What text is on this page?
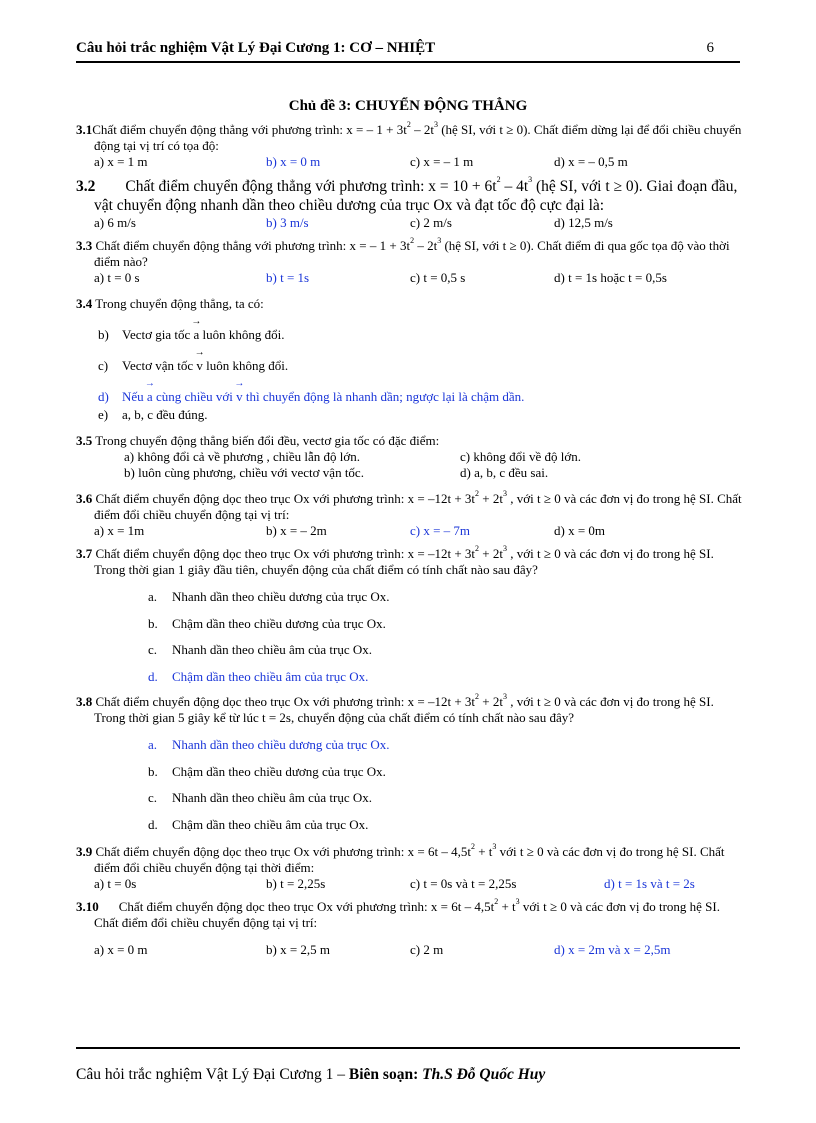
Câu hỏi trắc nghiệm Vật Lý Đại Cương 1: CƠ – NHIỆT	6
Chủ đề 3: CHUYỂN ĐỘNG THẲNG
3.1Chất điểm chuyển động thẳng với phương trình: x = – $1 + 3t^2 - 2t^3$ (hệ SI, với t ≥ 0). Chất điểm dừng lại để đổi chiều chuyển động tại vị trí có tọa độ:
a) x = 1 m	b) x = 0 m	c) x = – 1 m	d) x = – 0,5 m
3.2 Chất điểm chuyển động thẳng với phương trình: $x = 10 + 6t^2 - 4t^3$ (hệ SI, với t ≥ 0). Giai đoạn đầu, vật chuyển động nhanh dần theo chiều dương của trục Ox và đạt tốc độ cực đại là:
a) 6 m/s	b) 3 m/s	c) 2 m/s	d) 12,5 m/s
3.3 Chất điểm chuyển động thẳng với phương trình: x = – $1 + 3t^2 - 2t^3$ (hệ SI, với t ≥ 0). Chất điểm đi qua gốc tọa độ vào thời điểm nào?
a) t = 0 s	b) t = 1s	c) t = 0,5 s	d) t = 1s hoặc t = 0,5s
3.4 Trong chuyển động thẳng, ta có:
b) Vectơ gia tốc → a luôn không đổi.
c) Vectơ vận tốc → v luôn không đổi.
d) Nếu → a cùng chiều với → v thì chuyển động là nhanh dần; ngược lại là chậm dần.
e) a, b, c đều đúng.
3.5 Trong chuyển động thẳng biến đổi đều, vectơ gia tốc có đặc điểm:
a) không đổi cả về phương , chiều lẫn độ lớn.	c) không đổi về độ lớn.
b) luôn cùng phương, chiều với vectơ vận tốc.	d) a, b, c đều sai.
3.6 Chất điểm chuyển động dọc theo trục Ox với phương trình: $x = -12t + 3t^2 + 2t^3$ , với t ≥ 0 và các đơn vị đo trong hệ SI. Chất điểm đổi chiều chuyển động tại vị trí:
a) x = 1m	b) x = – 2m	c) x = – 7m	d) x = 0m
3.7 Chất điểm chuyển động dọc theo trục Ox với phương trình: $x = -12t + 3t^2 + 2t^3$ , với t ≥ 0 và các đơn vị đo trong hệ SI. Trong thời gian 1 giây đầu tiên, chuyển động của chất điểm có tính chất nào sau đây?
a. Nhanh dần theo chiều dương của trục Ox.
b. Chậm dần theo chiều dương của trục Ox.
c. Nhanh dần theo chiều âm của trục Ox.
d. Chậm dần theo chiều âm của trục Ox.
3.8 Chất điểm chuyển động dọc theo trục Ox với phương trình: $x = -12t + 3t^2 + 2t^3$ , với t ≥ 0 và các đơn vị đo trong hệ SI. Trong thời gian 5 giây kể từ lúc t = 2s, chuyển động của chất điểm có tính chất nào sau đây?
a. Nhanh dần theo chiều dương của trục Ox.
b. Chậm dần theo chiều dương của trục Ox.
c. Nhanh dần theo chiều âm của trục Ox.
d. Chậm dần theo chiều âm của trục Ox.
3.9 Chất điểm chuyển động dọc theo trục Ox với phương trình: $x = 6t - 4,5t^2 + t^3$ với t ≥ 0 và các đơn vị đo trong hệ SI. Chất điểm đổi chiều chuyển động tại thời điểm:
a) t = 0s	b) t = 2,25s	c) t = 0s và t = 2,25s	d) t = 1s và t = 2s
3.10 Chất điểm chuyển động dọc theo trục Ox với phương trình: $x = 6t - 4,5t^2 + t^3$ với t ≥ 0 và các đơn vị đo trong hệ SI. Chất điểm đổi chiều chuyển động tại vị trí:
a) x = 0 m	b) x = 2,5 m	c) 2 m	d) x = 2m và x = 2,5m
Câu hỏi trắc nghiệm Vật Lý Đại Cương 1 – Biên soạn: Th.S Đỗ Quốc Huy
